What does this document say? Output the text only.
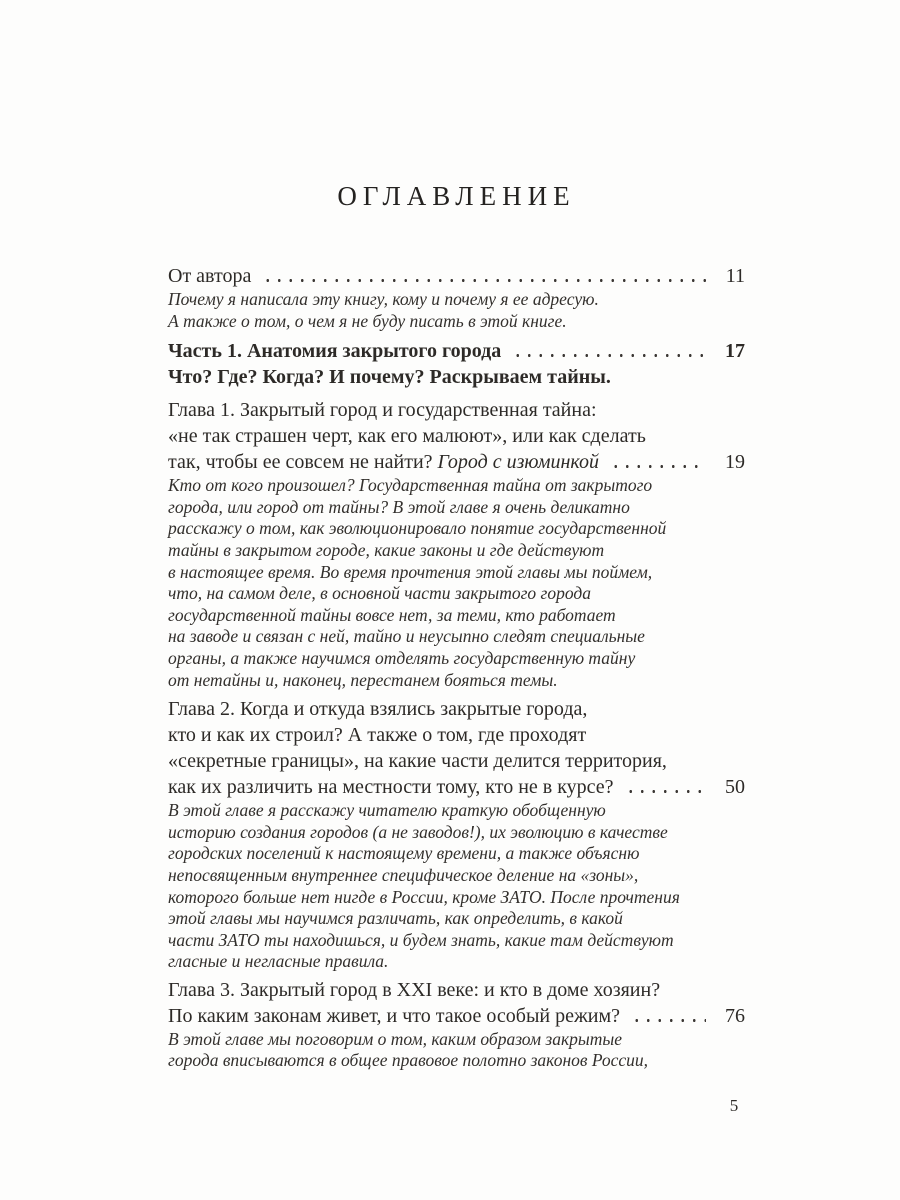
ОГЛАВЛЕНИЕ
От автора	11
Почему я написала эту книгу, кому и почему я ее адресую.
А также о том, о чем я не буду писать в этой книге.
Часть 1. Анатомия закрытого города	17
Что? Где? Когда? И почему? Раскрываем тайны.
Глава 1. Закрытый город и государственная тайна:
«не так страшен черт, как его малюют», или как сделать
так, чтобы ее совсем не найти?
Город с изюминкой	19
Кто от кого произошел? Государственная тайна от закрытого
города, или город от тайны? В этой главе я очень деликатно
расскажу о том, как эволюционировало понятие государственной
тайны в закрытом городе, какие законы и где действуют
в настоящее время. Во время прочтения этой главы мы поймем,
что, на самом деле, в основной части закрытого города
государственной тайны вовсе нет, за теми, кто работает
на заводе и связан с ней, тайно и неусыпно следят специальные
органы, а также научимся отделять государственную тайну
от нетайны и, наконец, перестанем бояться темы.
Глава 2. Когда и откуда взялись закрытые города,
кто и как их строил? А также о том, где проходят
«секретные границы», на какие части делится территория,
как их различить на местности тому, кто не в курсе?	50
В этой главе я расскажу читателю краткую обобщенную
историю создания городов (а не заводов!), их эволюцию в качестве
городских поселений к настоящему времени, а также объясню
непосвященным внутреннее специфическое деление на «зоны»,
которого больше нет нигде в России, кроме ЗАТО. После прочтения
этой главы мы научимся различать, как определить, в какой
части ЗАТО ты находишься, и будем знать, какие там действуют
гласные и негласные правила.
Глава 3. Закрытый город в XXI веке: и кто в доме хозяин?
По каким законам живет, и что такое особый режим?	76
В этой главе мы поговорим о том, каким образом закрытые
города вписываются в общее правовое полотно законов России,
5
